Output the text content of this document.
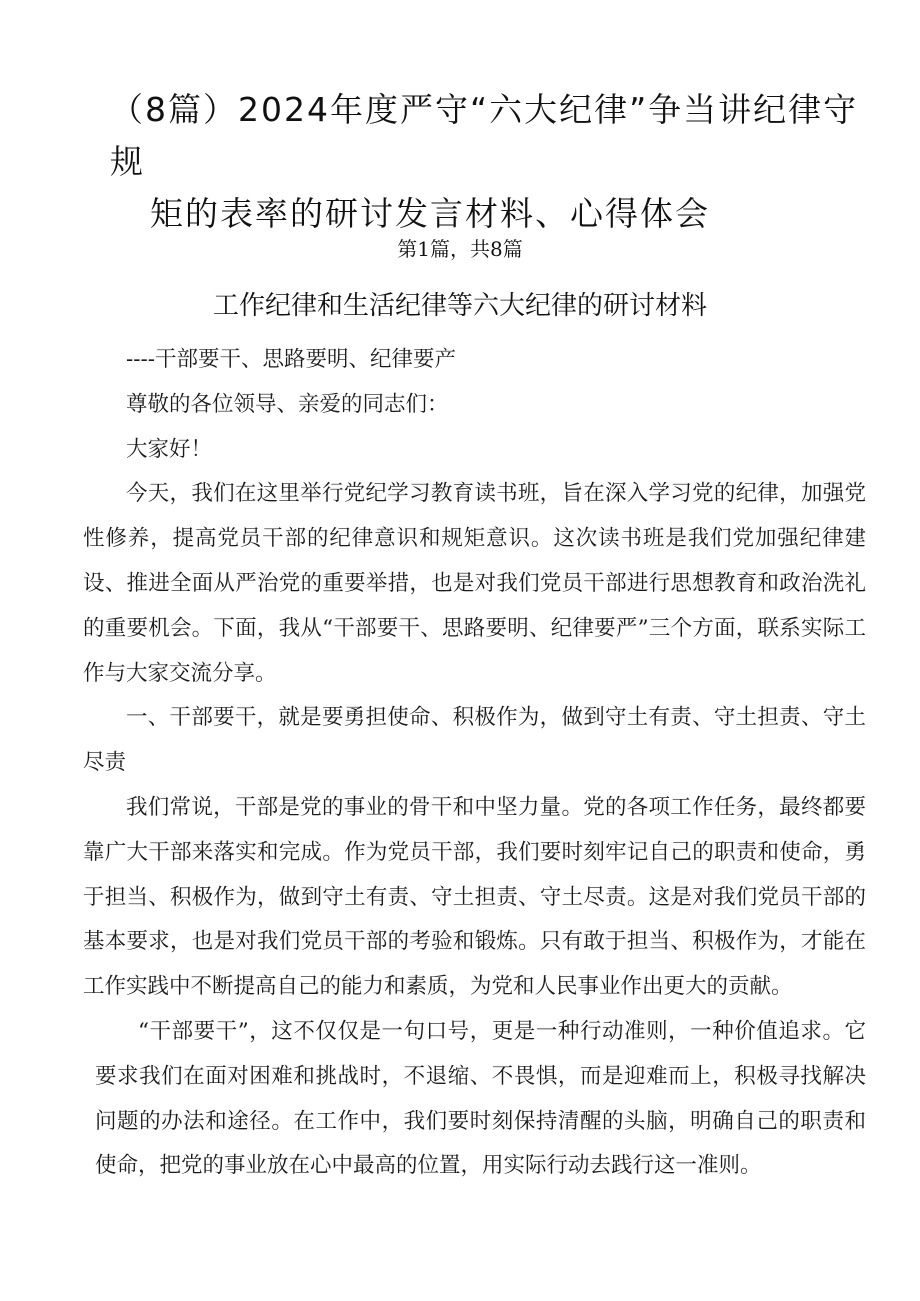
（8篇）2024年度严守“六大纪律”争当讲纪律守规
矩的表率的研讨发言材料、心得体会
第1篇，共8篇
工作纪律和生活纪律等六大纪律的研讨材料

----干部要干、思路要明、纪律要产

尊敬的各位领导、亲爱的同志们：

大家好！

今天，我们在这里举行党纪学习教育读书班，旨在深入学习党的纪律，加强党性修养，提高党员干部的纪律意识和规矩意识。这次读书班是我们党加强纪律建设、推进全面从严治党的重要举措，也是对我们党员干部进行思想教育和政治洗礼的重要机会。下面，我从“干部要干、思路要明、纪律要严”三个方面，联系实际工作与大家交流分享。

一、干部要干，就是要勇担使命、积极作为，做到守土有责、守土担责、守土尽责

我们常说，干部是党的事业的骨干和中坚力量。党的各项工作任务，最终都要靠广大干部来落实和完成。作为党员干部，我们要时刻牢记自己的职责和使命，勇于担当、积极作为，做到守土有责、守土担责、守土尽责。这是对我们党员干部的基本要求，也是对我们党员干部的考验和锻炼。只有敢于担当、积极作为，才能在工作实践中不断提高自己的能力和素质，为党和人民事业作出更大的贡献。

“干部要干”，这不仅仅是一句口号，更是一种行动准则，一种价值追求。它要求我们在面对困难和挑战时，不退缩、不畏惧，而是迎难而上，积极寻找解决问题的办法和途径。在工作中，我们要时刻保持清醒的头脑，明确自己的职责和使命，把党的事业放在心中最高的位置，用实际行动去践行这一准则。
